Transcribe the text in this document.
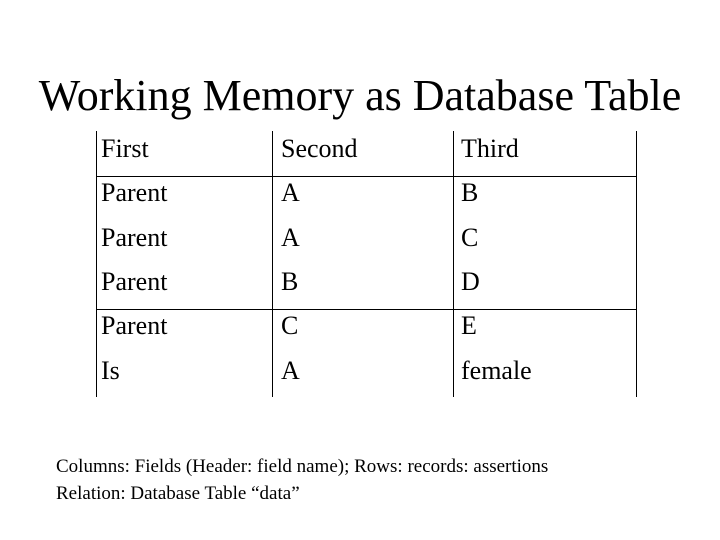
Working Memory as Database Table
First	Second	Third
Parent	A	B
Parent	A	C
Parent	B	D
Parent	C	E
Is	A	female
Columns: Fields (Header: field name); Rows: records: assertions
Relation: Database Table “data”
